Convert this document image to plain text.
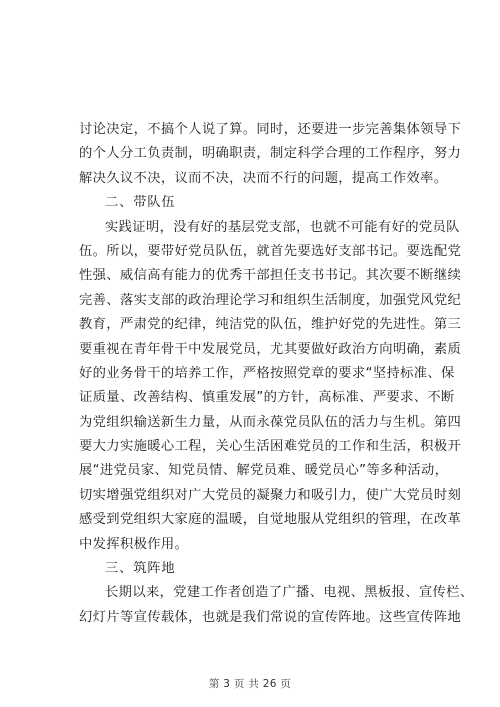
讨论决定，不搞个人说了算。同时，还要进一步完善集体领导下
的个人分工负责制，明确职责，制定科学合理的工作程序，努力
解决久议不决，议而不决，决而不行的问题，提高工作效率。
二、带队伍
实践证明，没有好的基层党支部，也就不可能有好的党员队
伍。所以，要带好党员队伍，就首先要选好支部书记。要选配党
性强、威信高有能力的优秀干部担任支书书记。其次要不断继续
完善、落实支部的政治理论学习和组织生活制度，加强党风党纪
教育，严肃党的纪律，纯洁党的队伍，维护好党的先进性。第三
要重视在青年骨干中发展党员，尤其要做好政治方向明确，素质
好的业务骨干的培养工作，严格按照党章的要求“坚持标准、保
证质量、改善结构、慎重发展”的方针，高标准、严要求、不断
为党组织输送新生力量，从而永葆党员队伍的活力与生机。第四
要大力实施暖心工程，关心生活困难党员的工作和生活，积极开
展“进党员家、知党员情、解党员难、暖党员心”等多种活动，
切实增强党组织对广大党员的凝聚力和吸引力，使广大党员时刻
感受到党组织大家庭的温暖，自觉地服从党组织的管理，在改革
中发挥积极作用。
三、筑阵地
长期以来，党建工作者创造了广播、电视、黑板报、宣传栏、
幻灯片等宣传载体，也就是我们常说的宣传阵地。这些宣传阵地
第 3 页 共 26 页
